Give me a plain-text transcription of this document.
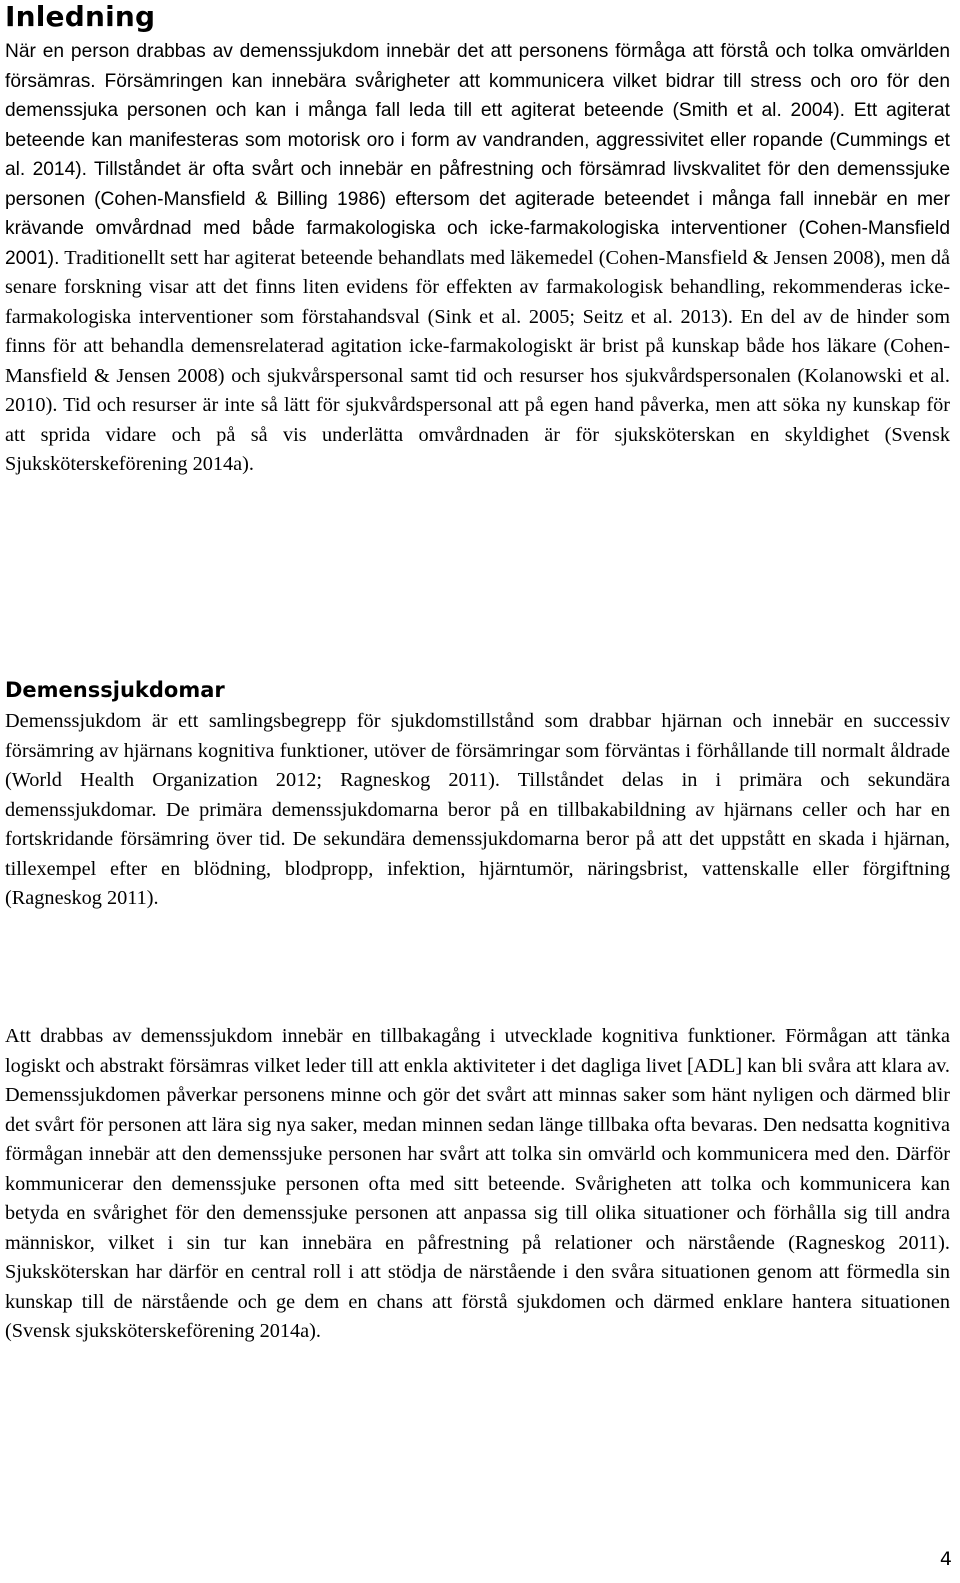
Inledning

När en person drabbas av demenssjukdom innebär det att personens förmåga att förstå och tolka omvärlden försämras. Försämringen kan innebära svårigheter att kommunicera vilket bidrar till stress och oro för den demenssjuka personen och kan i många fall leda till ett agiterat beteende (Smith et al. 2004). Ett agiterat beteende kan manifesteras som motorisk oro i form av vandranden, aggressivitet eller ropande (Cummings et al. 2014). Tillståndet är ofta svårt och innebär en påfrestning och försämrad livskvalitet för den demenssjuke personen (Cohen-Mansfield & Billing 1986) eftersom det agiterade beteendet i många fall innebär en mer krävande omvårdnad med både farmakologiska och icke-farmakologiska interventioner (Cohen-Mansfield 2001). Traditionellt sett har agiterat beteende behandlats med läkemedel (Cohen-Mansfield & Jensen 2008), men då senare forskning visar att det finns liten evidens för effekten av farmakologisk behandling, rekommenderas icke-farmakologiska interventioner som förstahandsval (Sink et al. 2005; Seitz et al. 2013). En del av de hinder som finns för att behandla demensrelaterad agitation icke-farmakologiskt är brist på kunskap både hos läkare (Cohen-Mansfield & Jensen 2008) och sjukvårspersonal samt tid och resurser hos sjukvårdspersonalen (Kolanowski et al. 2010). Tid och resurser är inte så lätt för sjukvårdspersonal att på egen hand påverka, men att söka ny kunskap för att sprida vidare och på så vis underlätta omvårdnaden är för sjuksköterskan en skyldighet (Svensk Sjuksköterskeförening 2014a).

Demenssjukdomar

Demenssjukdom är ett samlingsbegrepp för sjukdomstillstånd som drabbar hjärnan och innebär en successiv försämring av hjärnans kognitiva funktioner, utöver de försämringar som förväntas i förhållande till normalt åldrade (World Health Organization 2012; Ragneskog 2011). Tillståndet delas in i primära och sekundära demenssjukdomar. De primära demenssjukdomarna beror på en tillbakabildning av hjärnans celler och har en fortskridande försämring över tid. De sekundära demenssjukdomarna beror på att det uppstått en skada i hjärnan, tillexempel efter en blödning, blodpropp, infektion, hjärntumör, näringsbrist, vattenskalle eller förgiftning (Ragneskog 2011).

Att drabbas av demenssjukdom innebär en tillbakagång i utvecklade kognitiva funktioner. Förmågan att tänka logiskt och abstrakt försämras vilket leder till att enkla aktiviteter i det dagliga livet [ADL] kan bli svåra att klara av. Demenssjukdomen påverkar personens minne och gör det svårt att minnas saker som hänt nyligen och därmed blir det svårt för personen att lära sig nya saker, medan minnen sedan länge tillbaka ofta bevaras. Den nedsatta kognitiva förmågan innebär att den demenssjuke personen har svårt att tolka sin omvärld och kommunicera med den. Därför kommunicerar den demenssjuke personen ofta med sitt beteende. Svårigheten att tolka och kommunicera kan betyda en svårighet för den demenssjuke personen att anpassa sig till olika situationer och förhålla sig till andra människor, vilket i sin tur kan innebära en påfrestning på relationer och närstående (Ragneskog 2011). Sjuksköterskan har därför en central roll i att stödja de närstående i den svåra situationen genom att förmedla sin kunskap till de närstående och ge dem en chans att förstå sjukdomen och därmed enklare hantera situationen (Svensk sjuksköterskeförening 2014a).

4
